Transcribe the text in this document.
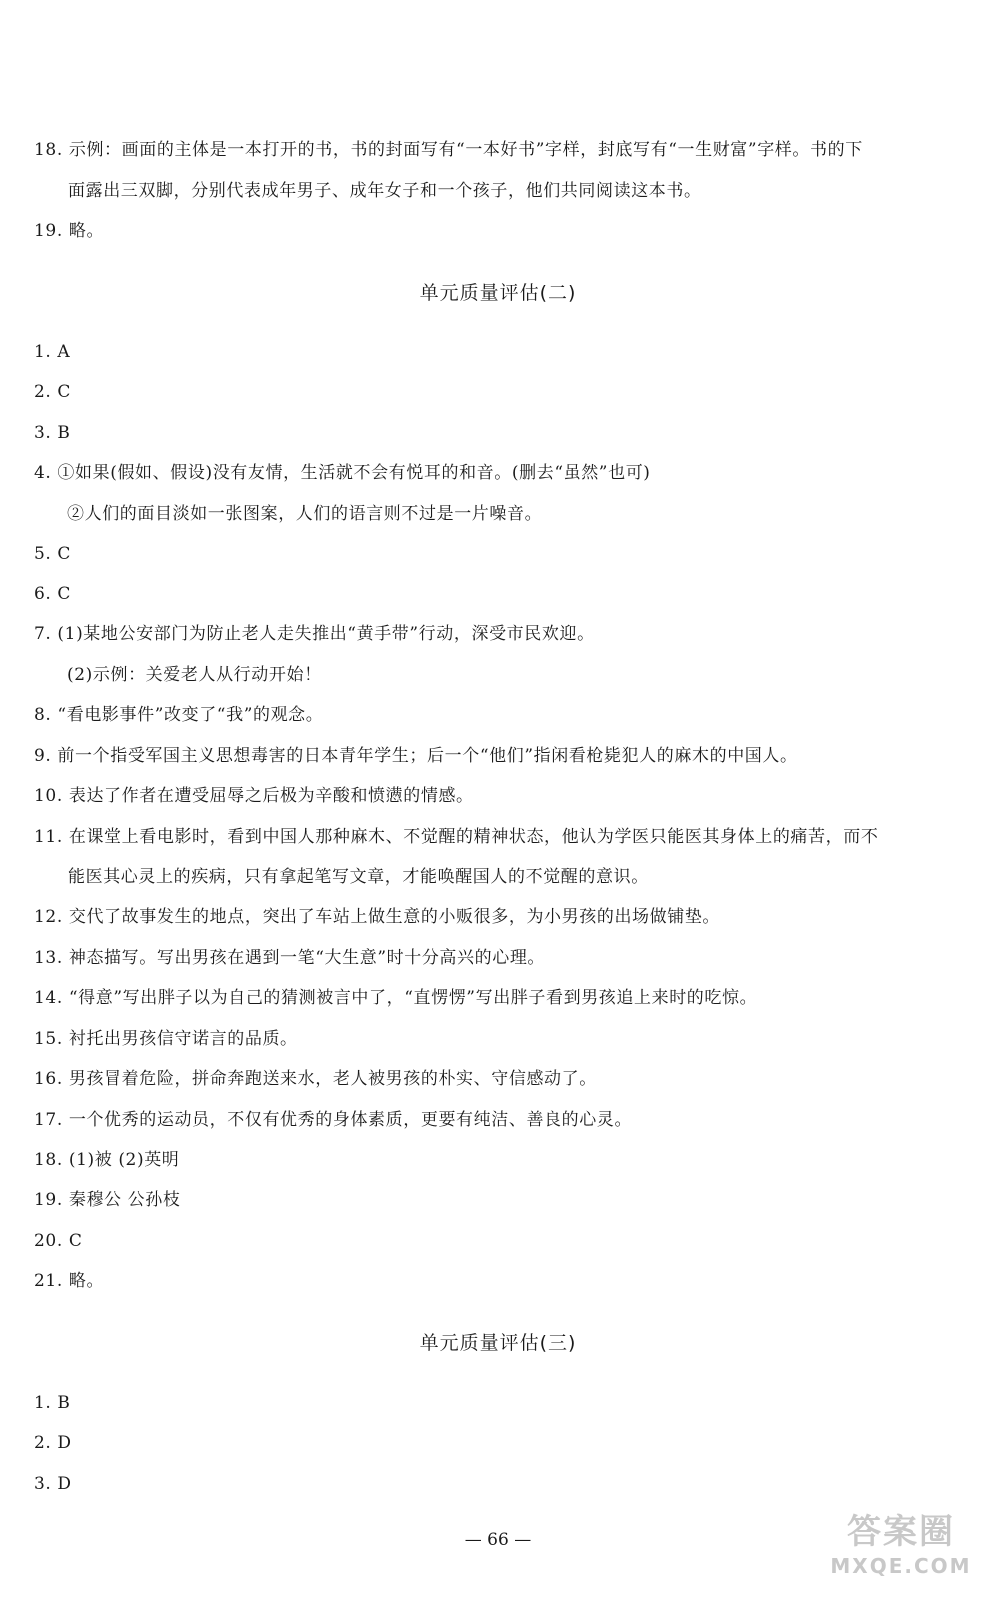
18. 示例：画面的主体是一本打开的书，书的封面写有“一本好书”字样，封底写有“一生财富”字样。书的下
面露出三双脚，分别代表成年男子、成年女子和一个孩子，他们共同阅读这本书。
19. 略。
单元质量评估(二)
1. A
2. C
3. B
4. ①如果(假如、假设)没有友情，生活就不会有悦耳的和音。(删去“虽然”也可)
②人们的面目淡如一张图案，人们的语言则不过是一片噪音。
5. C
6. C
7. (1)某地公安部门为防止老人走失推出“黄手带”行动，深受市民欢迎。
(2)示例：关爱老人从行动开始！
8. “看电影事件”改变了“我”的观念。
9. 前一个指受军国主义思想毒害的日本青年学生；后一个“他们”指闲看枪毙犯人的麻木的中国人。
10. 表达了作者在遭受屈辱之后极为辛酸和愤懑的情感。
11. 在课堂上看电影时，看到中国人那种麻木、不觉醒的精神状态，他认为学医只能医其身体上的痛苦，而不
能医其心灵上的疾病，只有拿起笔写文章，才能唤醒国人的不觉醒的意识。
12. 交代了故事发生的地点，突出了车站上做生意的小贩很多，为小男孩的出场做铺垫。
13. 神态描写。写出男孩在遇到一笔“大生意”时十分高兴的心理。
14. “得意”写出胖子以为自己的猜测被言中了，“直愣愣”写出胖子看到男孩追上来时的吃惊。
15. 衬托出男孩信守诺言的品质。
16. 男孩冒着危险，拼命奔跑送来水，老人被男孩的朴实、守信感动了。
17. 一个优秀的运动员，不仅有优秀的身体素质，更要有纯洁、善良的心灵。
18. (1)被 (2)英明
19. 秦穆公 公孙枝
20. C
21. 略。
单元质量评估(三)
1. B
2. D
3. D
— 66 —	答案圈
MXQE.COM
